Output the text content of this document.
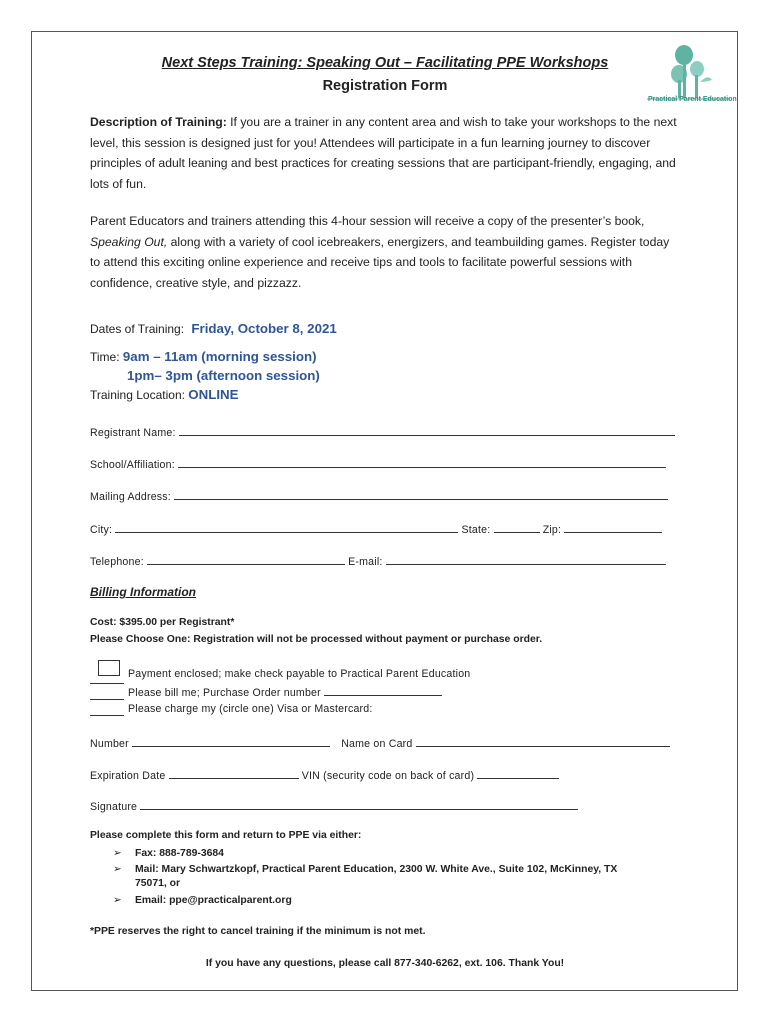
Next Steps Training: Speaking Out – Facilitating PPE Workshops
Registration Form
Practical Parent Education
Description of Training: If you are a trainer in any content area and wish to take your workshops to the next level, this session is designed just for you! Attendees will participate in a fun learning journey to discover principles of adult leaning and best practices for creating sessions that are participant-friendly, engaging, and lots of fun.
Parent Educators and trainers attending this 4-hour session will receive a copy of the presenter’s book, Speaking Out, along with a variety of cool icebreakers, energizers, and teambuilding games. Register today to attend this exciting online experience and receive tips and tools to facilitate powerful sessions with confidence, creative style, and pizzazz.
Dates of Training: Friday, October 8, 2021
Time: 9am – 11am (morning session)
1pm– 3pm (afternoon session)
Training Location: ONLINE
Registrant Name:
School/Affiliation:
Mailing Address:
City:	State:	Zip:
Telephone:	E-mail:
Billing Information
Cost: $395.00 per Registrant*
Please Choose One: Registration will not be processed without payment or purchase order.
Payment enclosed; make check payable to Practical Parent Education
Please bill me; Purchase Order number
Please charge my (circle one) Visa or Mastercard:
Number	Name on Card
Expiration Date	VIN (security code on back of card)
Signature
Please complete this form and return to PPE via either:
➢ Fax: 888-789-3684
➢ Mail: Mary Schwartzkopf, Practical Parent Education, 2300 W. White Ave., Suite 102, McKinney, TX
75071, or
➢ Email: ppe@practicalparent.org
*PPE reserves the right to cancel training if the minimum is not met.
If you have any questions, please call 877-340-6262, ext. 106. Thank You!
